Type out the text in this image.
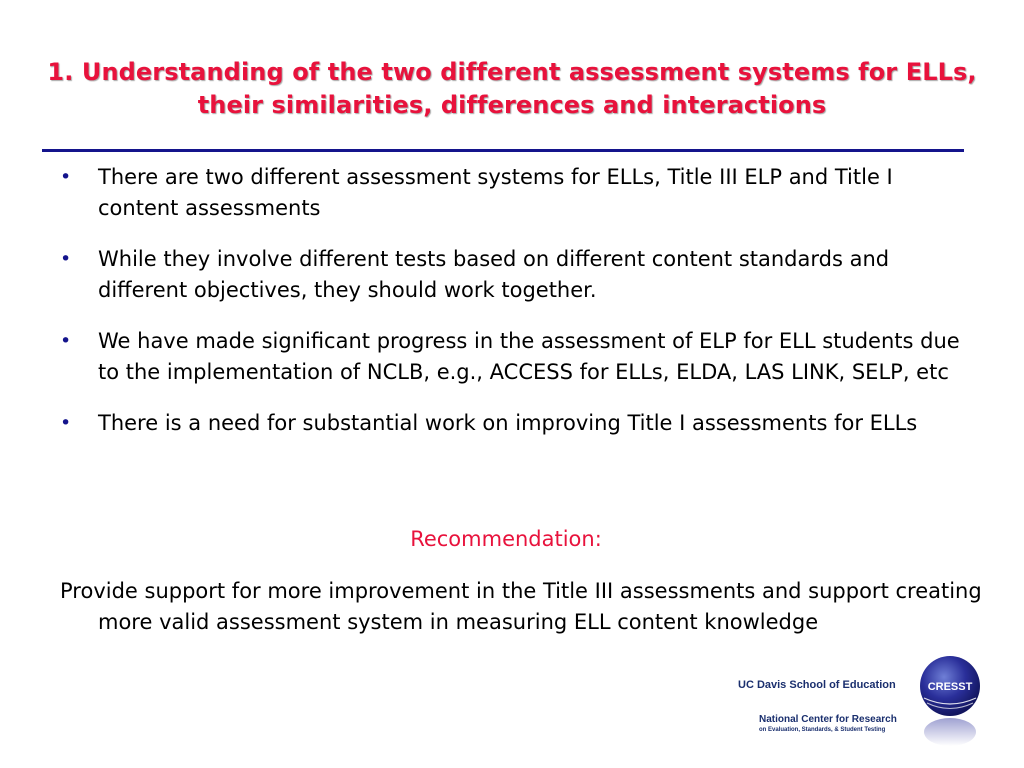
1. Understanding of the two different assessment systems for ELLs, their similarities, differences and interactions
• There are two different assessment systems for ELLs, Title III ELP and Title I content assessments
• While they involve different tests based on different content standards and different objectives, they should work together.
• We have made significant progress in the assessment of ELP for ELL students due to the implementation of NCLB, e.g., ACCESS for ELLs, ELDA, LAS LINK, SELP, etc
• There is a need for substantial work on improving Title I assessments for ELLs
Recommendation:
Provide support for more improvement in the Title III assessments and support creating more valid assessment system in measuring ELL content knowledge
UC Davis School of Education
National Center for Research
on Evaluation, Standards, & Student Testing
CRESST
